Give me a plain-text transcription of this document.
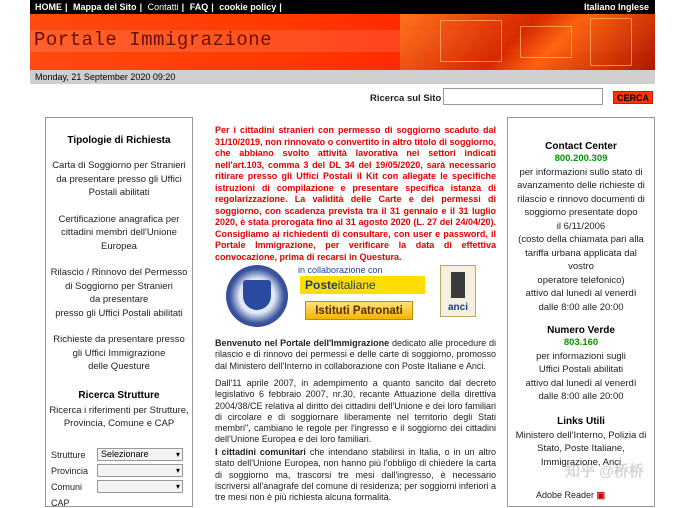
HOME | Mappa del Sito | Contatti | FAQ | cookie policy |	Italiano Inglese
Portale Immigrazione
Monday, 21 September 2020 09:20
Ricerca sul Sito	CERCA
Tipologie di Richiesta
Carta di Soggiorno per Stranieri
da presentare presso gli Uffici
Postali abilitati
Certificazione anagrafica per
cittadini membri dell'Unione Europea
Rilascio / Rinnovo del Permesso
di Soggiorno per Stranieri
da presentare
presso gli Uffici Postali abilitati
Richieste da presentare presso
gli Uffici Immigrazione
delle Questure
Ricerca Strutture
Ricerca i riferimenti per Strutture,
Provincia, Comune e CAP
Strutture	Selezionare	▾
Provincia	▾
Comuni	▾
CAP
Per i cittadini stranieri con permesso di soggiorno scaduto dal 31/10/2019, non rinnovato o convertito in altro titolo di soggiorno, che abbiano svolto attività lavorativa nei settori indicati nell'art.103, comma 3 del DL 34 del 19/05/2020, sarà necessario ritirare presso gli Uffici Postali il Kit con allegate le specifiche istruzioni di compilazione e presentare specifica istanza di regolarizzazione. La validità delle Carte e dei permessi di soggiorno, con scadenza prevista tra il 31 gennaio e il 31 luglio 2020, è stata prorogata fino al 31 agosto 2020 (L. 27 del 24/04/20). Consigliamo ai richiedenti di consultare, con user e password, il Portale Immigrazione, per verificare la data di effettiva convocazione, prima di recarsi in Questura.
in collaborazione con
Posteitaliane
Istituti Patronati	anci
Benvenuto nel Portale dell'Immigrazione dedicato alle procedure di rilascio e di rinnovo dei permessi e delle carte di soggiorno, promosso dal Ministero dell'Interno in collaborazione con Poste Italiane e Anci.
Dall'11 aprile 2007, in adempimento a quanto sancito dal decreto legislativo 6 febbraio 2007, nr.30, recante Attuazione della direttiva 2004/38/CE relativa al diritto dei cittadini dell'Unione e dei loro familiari di circolare e di soggiornare liberamente nel territorio degli Stati membri", cambiano le regole per l'ingresso e il soggiorno dei cittadini dell'Unione Europea e dei loro familiari.
I cittadini comunitari che intendano stabilirsi in Italia, o in un altro stato dell'Unione Europea, non hanno più l'obbligo di chiedere la carta di soggiorno ma, trascorsi tre mesi dall'ingresso, è necessario iscriversi all'anagrafe del comune di residenza; per soggiorni inferiori a tre mesi non è più richiesta alcuna formalità.
Contact Center
800.200.309
per informazioni sullo stato di
avanzamento delle richieste di
rilascio e rinnovo documenti di
soggiorno presentate dopo
il 6/11/2006
(costo della chiamata pari alla
tariffa urbana applicata dal
vostro
operatore telefonico)
attivo dal lunedì al venerdì
dalle 8:00 alle 20:00
Numero Verde
803.160
per informazioni sugli
Uffici Postali abilitati
attivo dal lunedì al venerdì
dalle 8:00 alle 20:00
Links Utili
Ministero dell'Interno, Polizia di
Stato, Poste Italiane,
Immigrazione, Anci
Adobe Reader ▣
知乎 @桥桥
